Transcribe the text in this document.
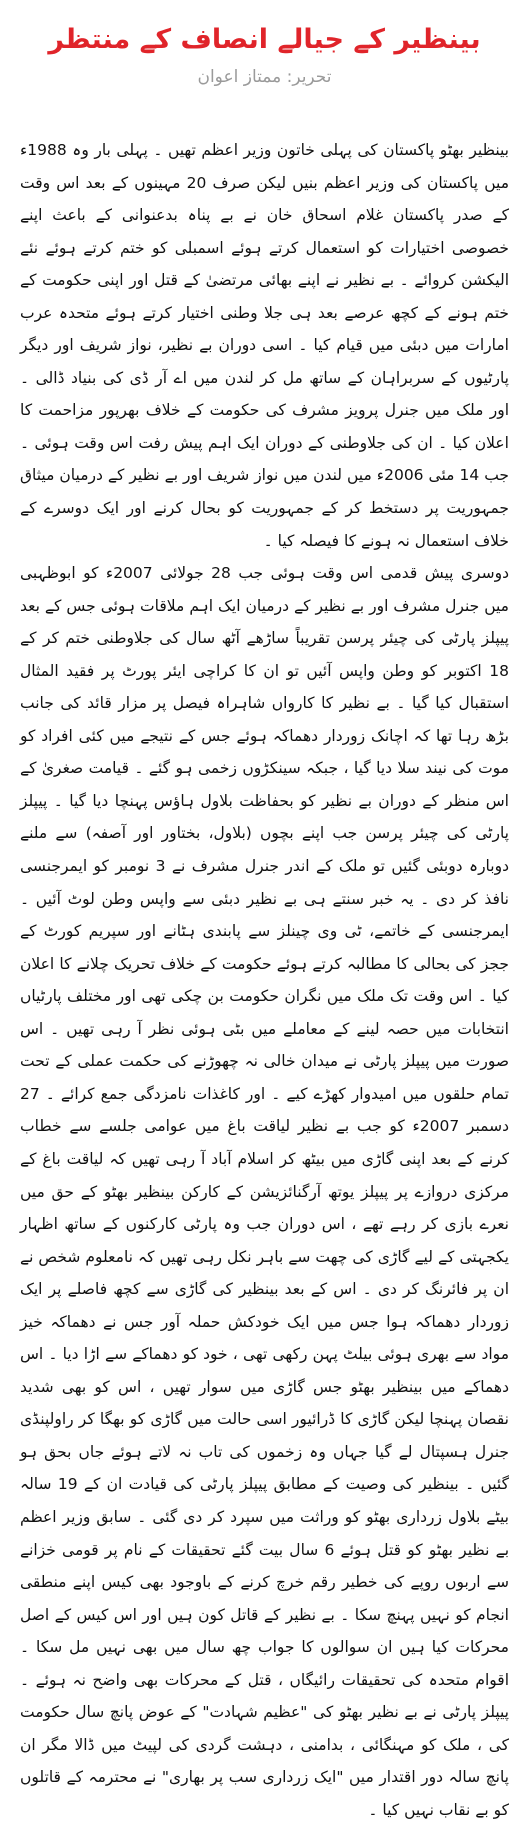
بینظیر کے جیالے انصاف کے منتظر
تحریر: ممتاز اعوان

بینظیر بھٹو پاکستان کی پہلی خاتون وزیر اعظم تھیں ۔ پہلی بار وہ 1988ء میں پاکستان کی وزیر اعظم بنیں لیکن صرف 20 مہینوں کے بعد اس وقت کے صدر پاکستان غلام اسحاق خان نے بے پناہ بدعنوانی کے باعث اپنے خصوصی اختیارات کو استعمال کرتے ہوئے اسمبلی کو ختم کرتے ہوئے نئے الیکشن کروائے ۔ بے نظیر نے اپنے بھائی مرتضیٰ کے قتل اور اپنی حکومت کے ختم ہونے کے کچھ عرصے بعد ہی جلا وطنی اختیار کرتے ہوئے متحدہ عرب امارات میں دبئی میں قیام کیا ۔ اسی دوران بے نظیر، نواز شریف اور دیگر پارٹیوں کے سربراہان کے ساتھ مل کر لندن میں اے آر ڈی کی بنیاد ڈالی ۔ اور ملک میں جنرل پرویز مشرف کی حکومت کے خلاف بھرپور مزاحمت کا اعلان کیا ۔ ان کی جلاوطنی کے دوران ایک اہم پیش رفت اس وقت ہوئی ۔ جب 14 مئی 2006ء میں لندن میں نواز شریف اور بے نظیر کے درمیان میثاق جمہوریت پر دستخط کر کے جمہوریت کو بحال کرنے اور ایک دوسرے کے خلاف استعمال نہ ہونے کا فیصلہ کیا ۔

دوسری پیش قدمی اس وقت ہوئی جب 28 جولائی 2007ء کو ابوظہبی میں جنرل مشرف اور بے نظیر کے درمیان ایک اہم ملاقات ہوئی جس کے بعد پیپلز پارٹی کی چیئر پرسن تقریباً ساڑھے آٹھ سال کی جلاوطنی ختم کر کے 18 اکتوبر کو وطن واپس آئیں تو ان کا کراچی ایئر پورٹ پر فقید المثال استقبال کیا گیا ۔ بے نظیر کا کارواں شاہراہ فیصل پر مزار قائد کی جانب بڑھ رہا تھا کہ اچانک زوردار دھماکہ ہوئے جس کے نتیجے میں کئی افراد کو موت کی نیند سلا دیا گیا ، جبکہ سینکڑوں زخمی ہو گئے ۔ قیامت صغریٰ کے اس منظر کے دوران بے نظیر کو بحفاظت بلاول ہاؤس پہنچا دیا گیا ۔ پیپلز پارٹی کی چیئر پرسن جب اپنے بچوں (بلاول، بختاور اور آصفہ) سے ملنے دوبارہ دوبئی گئیں تو ملک کے اندر جنرل مشرف نے 3 نومبر کو ایمرجنسی نافذ کر دی ۔ یہ خبر سنتے ہی بے نظیر دبئی سے واپس وطن لوٹ آئیں ۔ ایمرجنسی کے خاتمے، ٹی وی چینلز سے پابندی ہٹانے اور سپریم کورٹ کے ججز کی بحالی کا مطالبہ کرتے ہوئے حکومت کے خلاف تحریک چلانے کا اعلان کیا ۔ اس وقت تک ملک میں نگران حکومت بن چکی تھی اور مختلف پارٹیاں انتخابات میں حصہ لینے کے معاملے میں بٹی ہوئی نظر آ رہی تھیں ۔ اس صورت میں پیپلز پارٹی نے میدان خالی نہ چھوڑنے کی حکمت عملی کے تحت تمام حلقوں میں امیدوار کھڑے کیے ۔ اور کاغذات نامزدگی جمع کرائے ۔ 27 دسمبر 2007ء کو جب بے نظیر لیاقت باغ میں عوامی جلسے سے خطاب کرنے کے بعد اپنی گاڑی میں بیٹھ کر اسلام آباد آ رہی تھیں کہ لیاقت باغ کے مرکزی دروازے پر پیپلز یوتھ آرگنائزیشن کے کارکن بینظیر بھٹو کے حق میں نعرے بازی کر رہے تھے ، اس دوران جب وہ پارٹی کارکنوں کے ساتھ اظہار یکجہتی کے لیے گاڑی کی چھت سے باہر نکل رہی تھیں کہ نامعلوم شخص نے ان پر فائرنگ کر دی ۔ اس کے بعد بینظیر کی گاڑی سے کچھ فاصلے پر ایک زوردار دھماکہ ہوا جس میں ایک خودکش حملہ آور جس نے دھماکہ خیز مواد سے بھری ہوئی بیلٹ پہن رکھی تھی ، خود کو دھماکے سے اڑا دیا ۔ اس دھماکے میں بینظیر بھٹو جس گاڑی میں سوار تھیں ، اس کو بھی شدید نقصان پہنچا لیکن گاڑی کا ڈرائیور اسی حالت میں گاڑی کو بھگا کر راولپنڈی جنرل ہسپتال لے گیا جہاں وہ زخموں کی تاب نہ لاتے ہوئے جاں بحق ہو گئیں ۔ بینظیر کی وصیت کے مطابق پیپلز پارٹی کی قیادت ان کے 19 سالہ بیٹے بلاول زرداری بھٹو کو وراثت میں سپرد کر دی گئی ۔ سابق وزیر اعظم بے نظیر بھٹو کو قتل ہوئے 6 سال بیت گئے تحقیقات کے نام پر قومی خزانے سے اربوں روپے کی خطیر رقم خرچ کرنے کے باوجود بھی کیس اپنے منطقی انجام کو نہیں پہنچ سکا ۔ بے نظیر کے قاتل کون ہیں اور اس کیس کے اصل محرکات کیا ہیں ان سوالوں کا جواب چھ سال میں بھی نہیں مل سکا ۔ اقوام متحدہ کی تحقیقات رائیگاں ، قتل کے محرکات بھی واضح نہ ہوئے ۔ پیپلز پارٹی نے بے نظیر بھٹو کی "عظیم شہادت" کے عوض پانچ سال حکومت کی ، ملک کو مہنگائی ، بدامنی ، دہشت گردی کی لپیٹ میں ڈالا مگر ان پانچ سالہ دور اقتدار میں "ایک زرداری سب پر بھاری" نے محترمہ کے قاتلوں کو بے نقاب نہیں کیا ۔
